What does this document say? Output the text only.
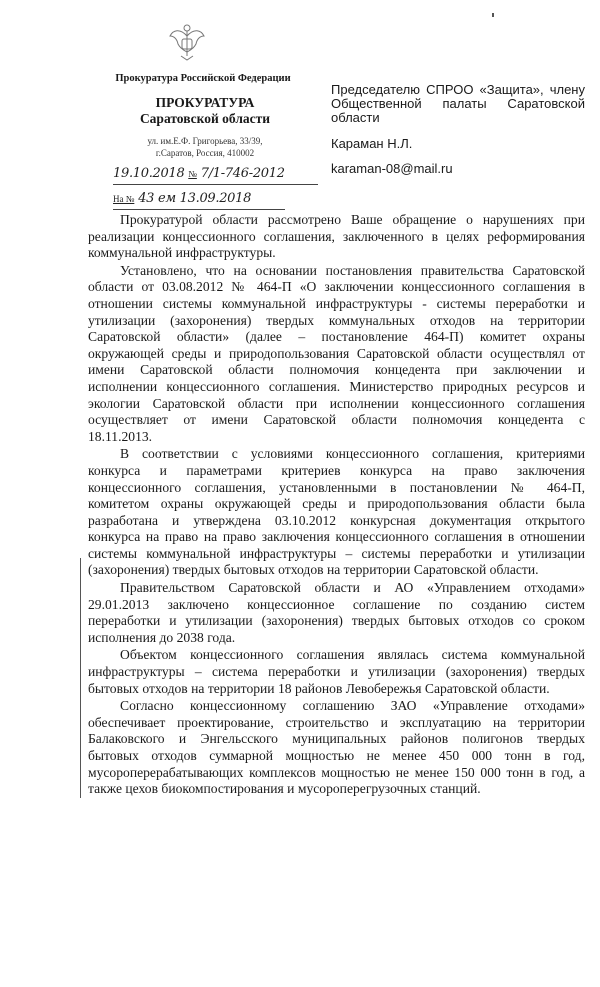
Прокуратура Российской Федерации
ПРОКУРАТУРА
Саратовской области
ул. им.Е.Ф. Григорьева, 33/39,
г.Саратов, Россия, 410002
19.10.2018 № 7/1-746-2012
На № 43 ем 13.09.2018
Председателю СПРОО «Защита», члену
Общественной палаты Саратовской
области
Караман Н.Л.
karaman-08@mail.ru
Прокуратурой области рассмотрено Ваше обращение о нарушениях при
реализации концессионного соглашения, заключенного в целях реформирования
коммунальной инфраструктуры.
Установлено, что на основании постановления правительства Саратовской
области от 03.08.2012 № 464-П «О заключении концессионного соглашения в
отношении системы коммунальной инфраструктуры - системы переработки и
утилизации (захоронения) твердых коммунальных отходов на территории
Саратовской области» (далее – постановление 464-П) комитет охраны
окружающей среды и природопользования Саратовской области осуществлял от
имени Саратовской области полномочия концедента при заключении и
исполнении концессионного соглашения. Министерство природных ресурсов и
экологии Саратовской области при исполнении концессионного соглашения
осуществляет от имени Саратовской области полномочия концедента с
18.11.2013.
В соответствии с условиями концессионного соглашения, критериями
конкурса и параметрами критериев конкурса на право заключения
концессионного соглашения, установленными в постановлении № 464-П,
комитетом охраны окружающей среды и природопользования области была
разработана и утверждена 03.10.2012 конкурсная документация открытого
конкурса на право на право заключения концессионного соглашения в отношении
системы коммунальной инфраструктуры – системы переработки и утилизации
(захоронения) твердых бытовых отходов на территории Саратовской области.
Правительством Саратовской области и АО «Управлением отходами»
29.01.2013 заключено концессионное соглашение по созданию систем
переработки и утилизации (захоронения) твердых бытовых отходов со сроком
исполнения до 2038 года.
Объектом концессионного соглашения являлась система коммунальной
инфраструктуры – система переработки и утилизации (захоронения) твердых
бытовых отходов на территории 18 районов Левобережья Саратовской области.
Согласно концессионному соглашению ЗАО «Управление отходами»
обеспечивает проектирование, строительство и эксплуатацию на территории
Балаковского и Энгельсского муниципальных районов полигонов твердых
бытовых отходов суммарной мощностью не менее 450 000 тонн в год,
мусороперерабатывающих комплексов мощностью не менее 150 000 тонн в год, а
также цехов биокомпостирования и мусороперегрузочных станций.
